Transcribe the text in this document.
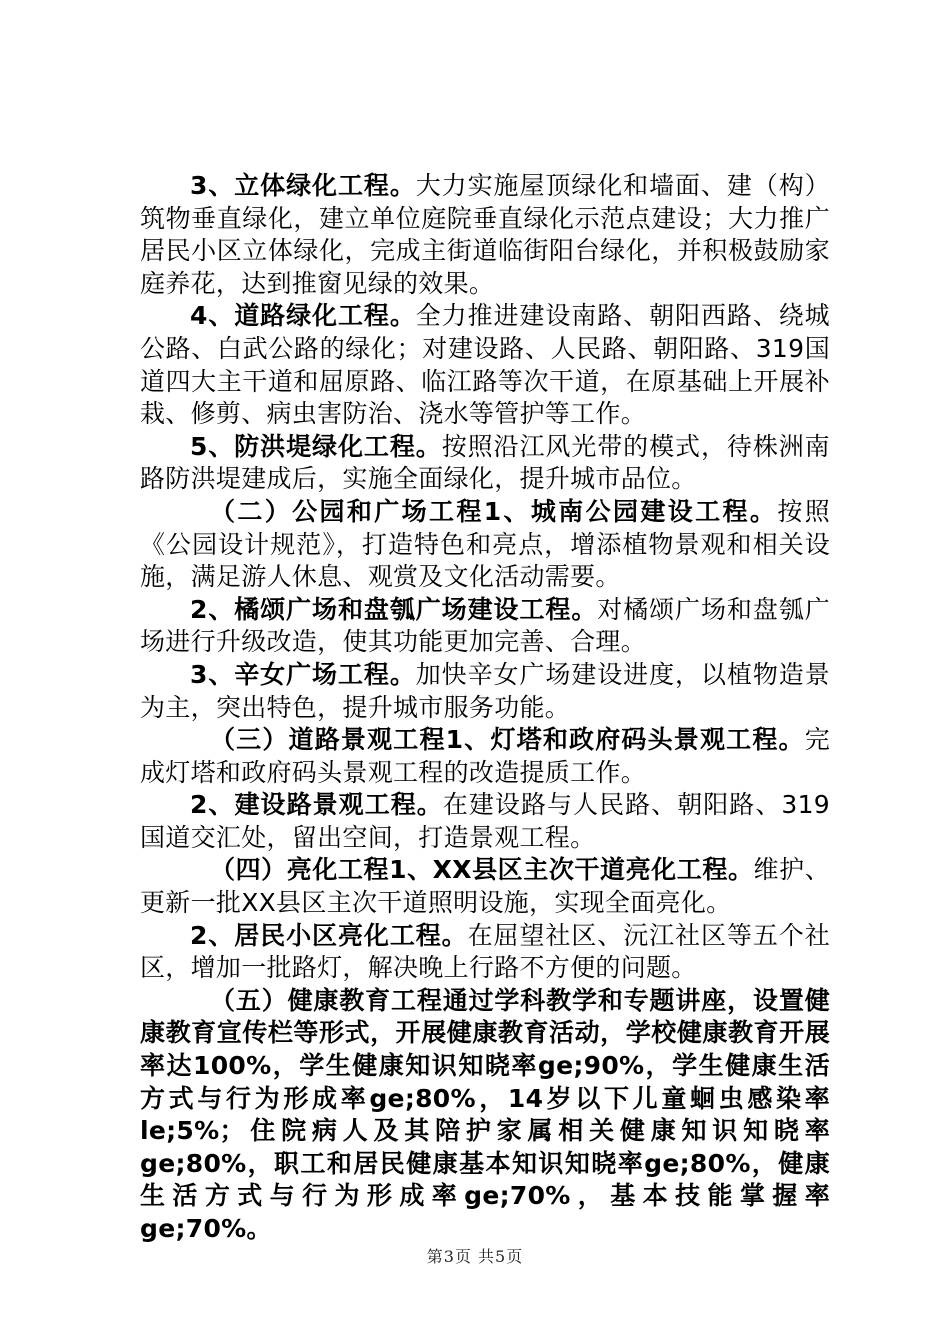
3、立体绿化工程。大力实施屋顶绿化和墙面、建（构）筑物垂直绿化，建立单位庭院垂直绿化示范点建设；大力推广居民小区立体绿化，完成主街道临街阳台绿化，并积极鼓励家庭养花，达到推窗见绿的效果。

4、道路绿化工程。全力推进建设南路、朝阳西路、绕城公路、白武公路的绿化；对建设路、人民路、朝阳路、319国道四大主干道和屈原路、临江路等次干道，在原基础上开展补栽、修剪、病虫害防治、浇水等管护等工作。

5、防洪堤绿化工程。按照沿江风光带的模式，待株洲南路防洪堤建成后，实施全面绿化，提升城市品位。

（二）公园和广场工程1、城南公园建设工程。按照《公园设计规范》，打造特色和亮点，增添植物景观和相关设施，满足游人休息、观赏及文化活动需要。

2、橘颂广场和盘瓠广场建设工程。对橘颂广场和盘瓠广场进行升级改造，使其功能更加完善、合理。

3、辛女广场工程。加快辛女广场建设进度，以植物造景为主，突出特色，提升城市服务功能。

（三）道路景观工程1、灯塔和政府码头景观工程。完成灯塔和政府码头景观工程的改造提质工作。

2、建设路景观工程。在建设路与人民路、朝阳路、319国道交汇处，留出空间，打造景观工程。

（四）亮化工程1、XX县区主次干道亮化工程。维护、更新一批XX县区主次干道照明设施，实现全面亮化。

2、居民小区亮化工程。在屈望社区、沅江社区等五个社区，增加一批路灯，解决晚上行路不方便的问题。

（五）健康教育工程通过学科教学和专题讲座，设置健康教育宣传栏等形式，开展健康教育活动，学校健康教育开展率达100%，学生健康知识知晓率ge;90%，学生健康生活方式与行为形成率ge;80%，14岁以下儿童蛔虫感染率le;5%；住院病人及其陪护家属相关健康知识知晓率ge;80%，职工和居民健康基本知识知晓率ge;80%，健康生活方式与行为形成率ge;70%，基本技能掌握率ge;70%。

第3页 共5页
